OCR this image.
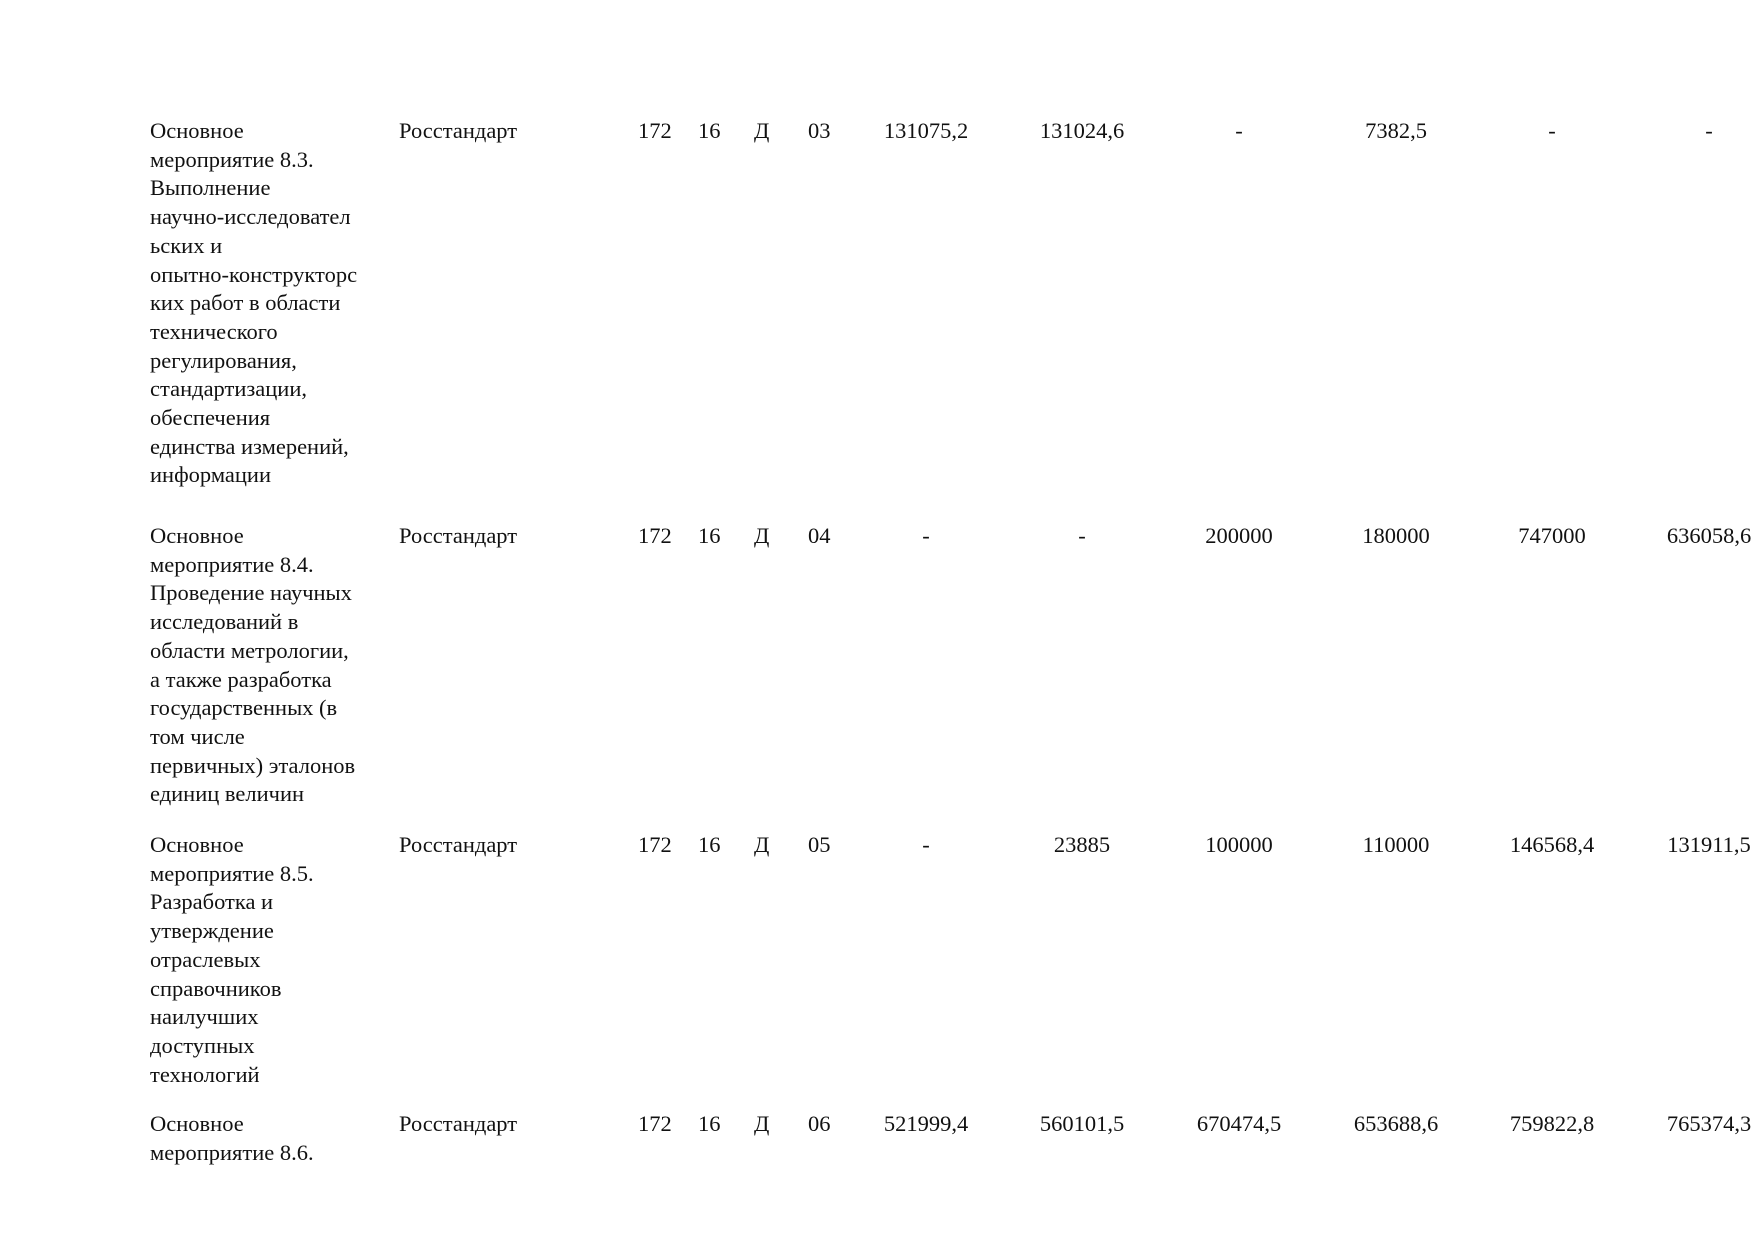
Основное
мероприятие 8.3.
Выполнение
научно-исследовател
ьских и
опытно-конструкторс
ких работ в области
технического
регулирования,
стандартизации,
обеспечения
единства измерений,
информации
Росстандарт	172 16 Д 03	131075,2	131024,6	-	7382,5	-	-
Основное
мероприятие 8.4.
Проведение научных
исследований в
области метрологии,
а также разработка
государственных (в
том числе
первичных) эталонов
единиц величин
Росстандарт	172 16 Д 04	-	-	200000	180000	747000	636058,6
Основное
мероприятие 8.5.
Разработка и
утверждение
отраслевых
справочников
наилучших
доступных
технологий
Росстандарт	172 16 Д 05	-	23885	100000	110000	146568,4	131911,5
Основное
мероприятие 8.6.
Росстандарт	172 16 Д 06	521999,4	560101,5	670474,5	653688,6	759822,8	765374,3
